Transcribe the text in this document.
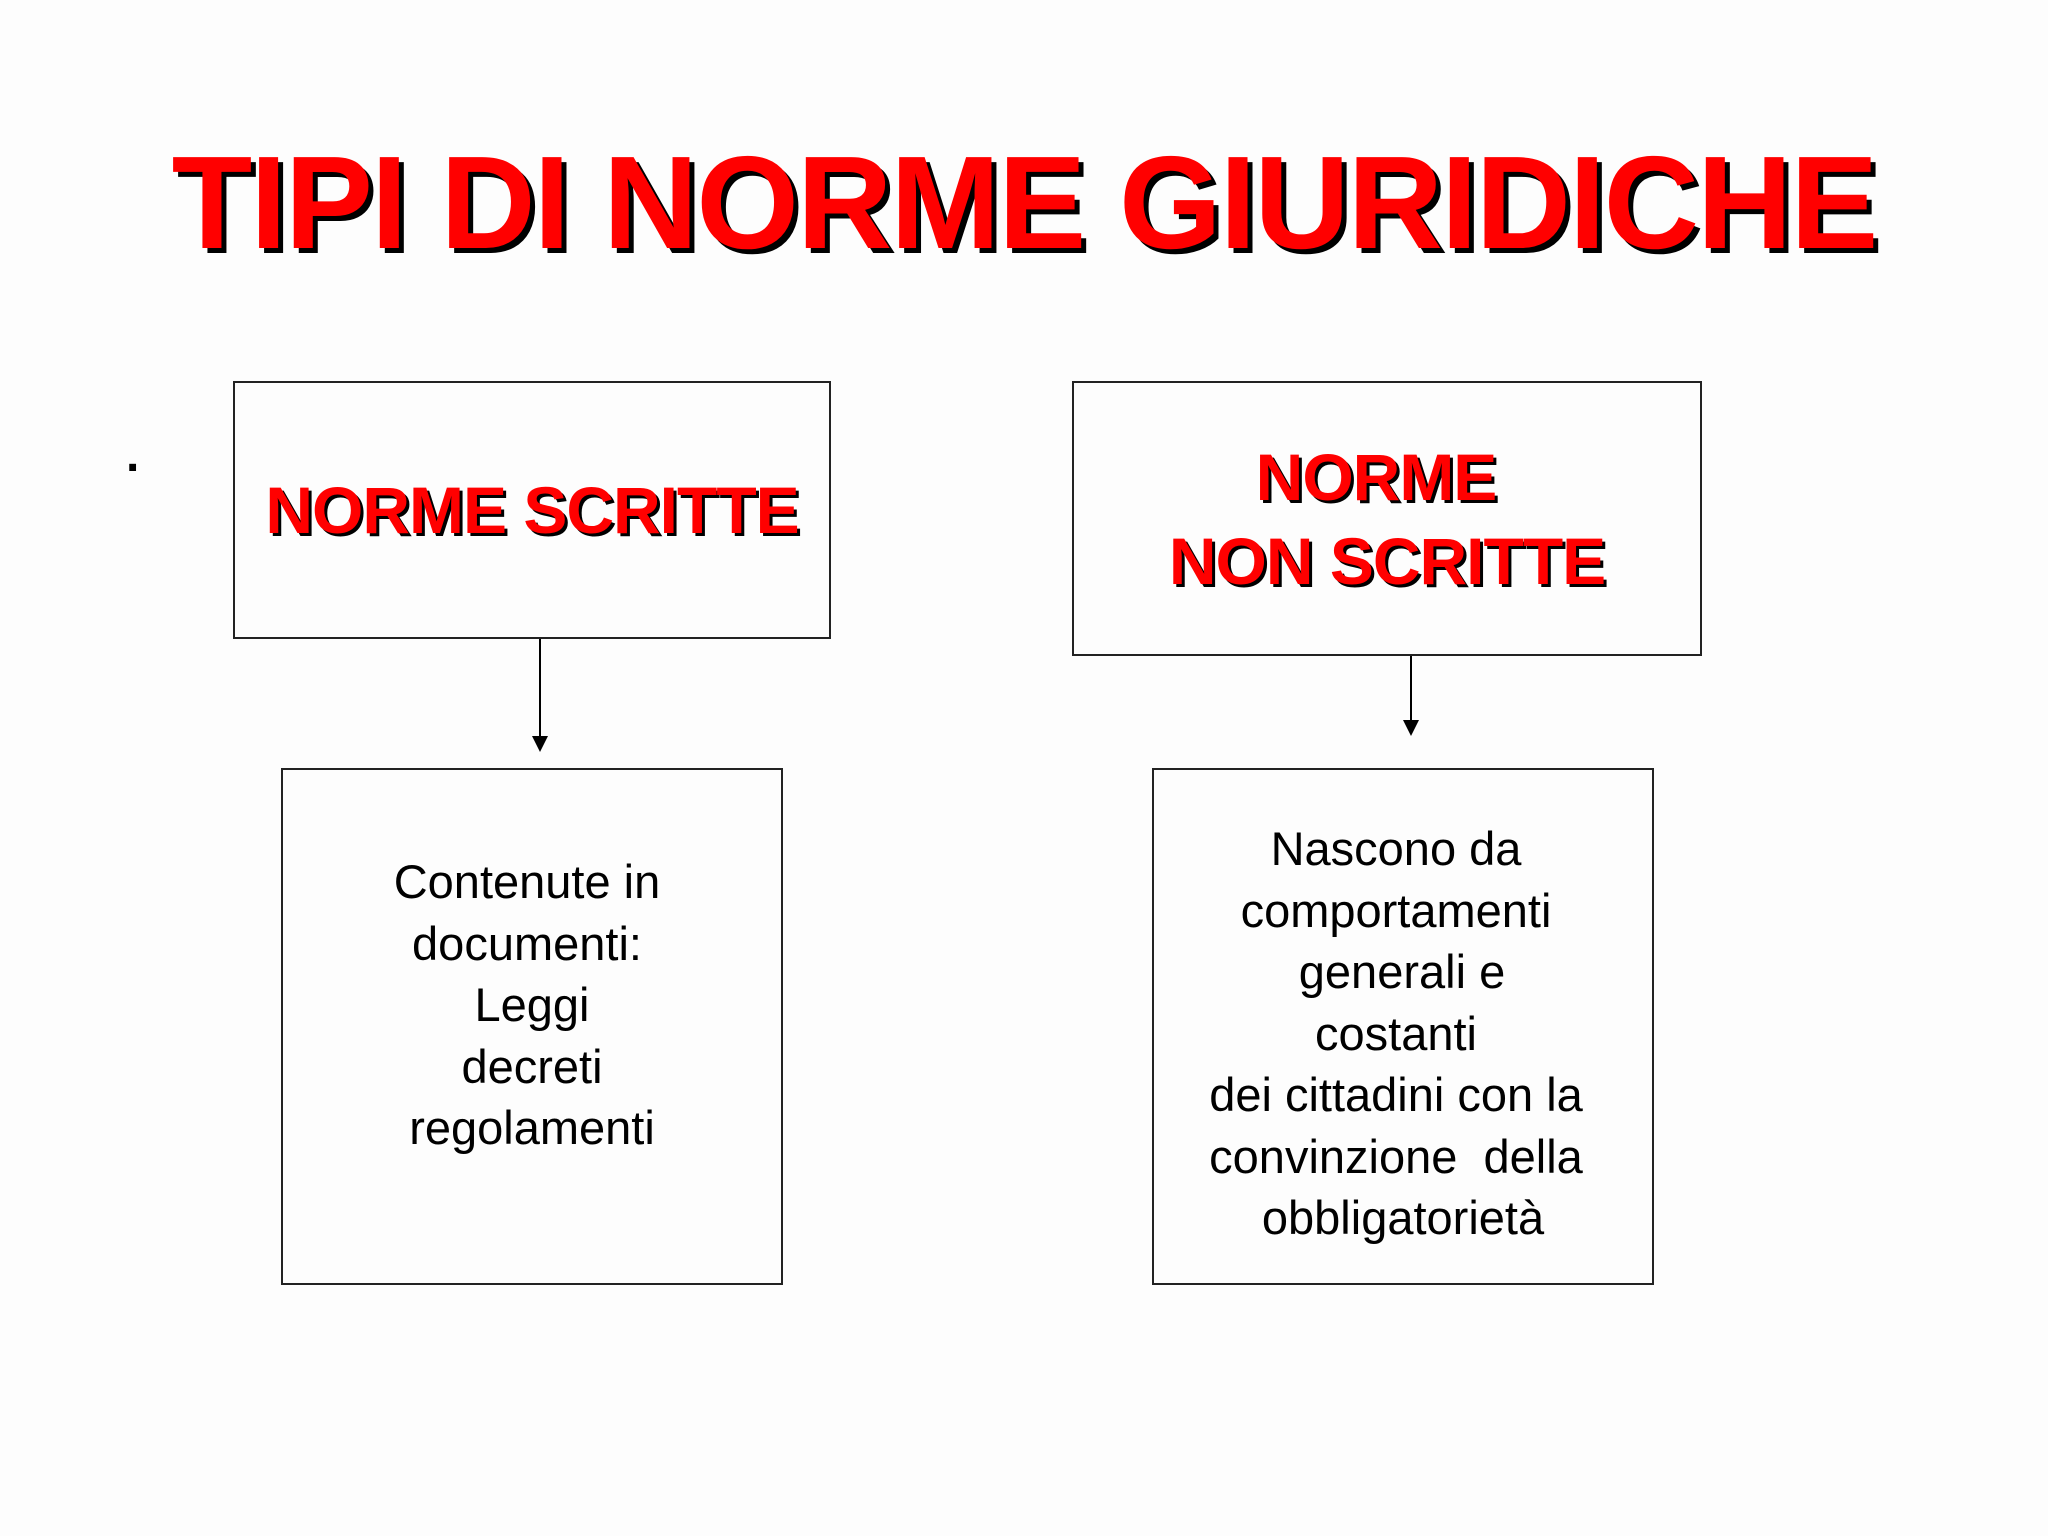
TIPI DI NORME GIURIDICHE
.
NORME SCRITTE	NORME
NON SCRITTE
Contenute in
documenti:
Leggi
decreti
regolamenti
Nascono da
comportamenti
generali e
costanti
dei cittadini con la
convinzione  della
obbligatorietà
